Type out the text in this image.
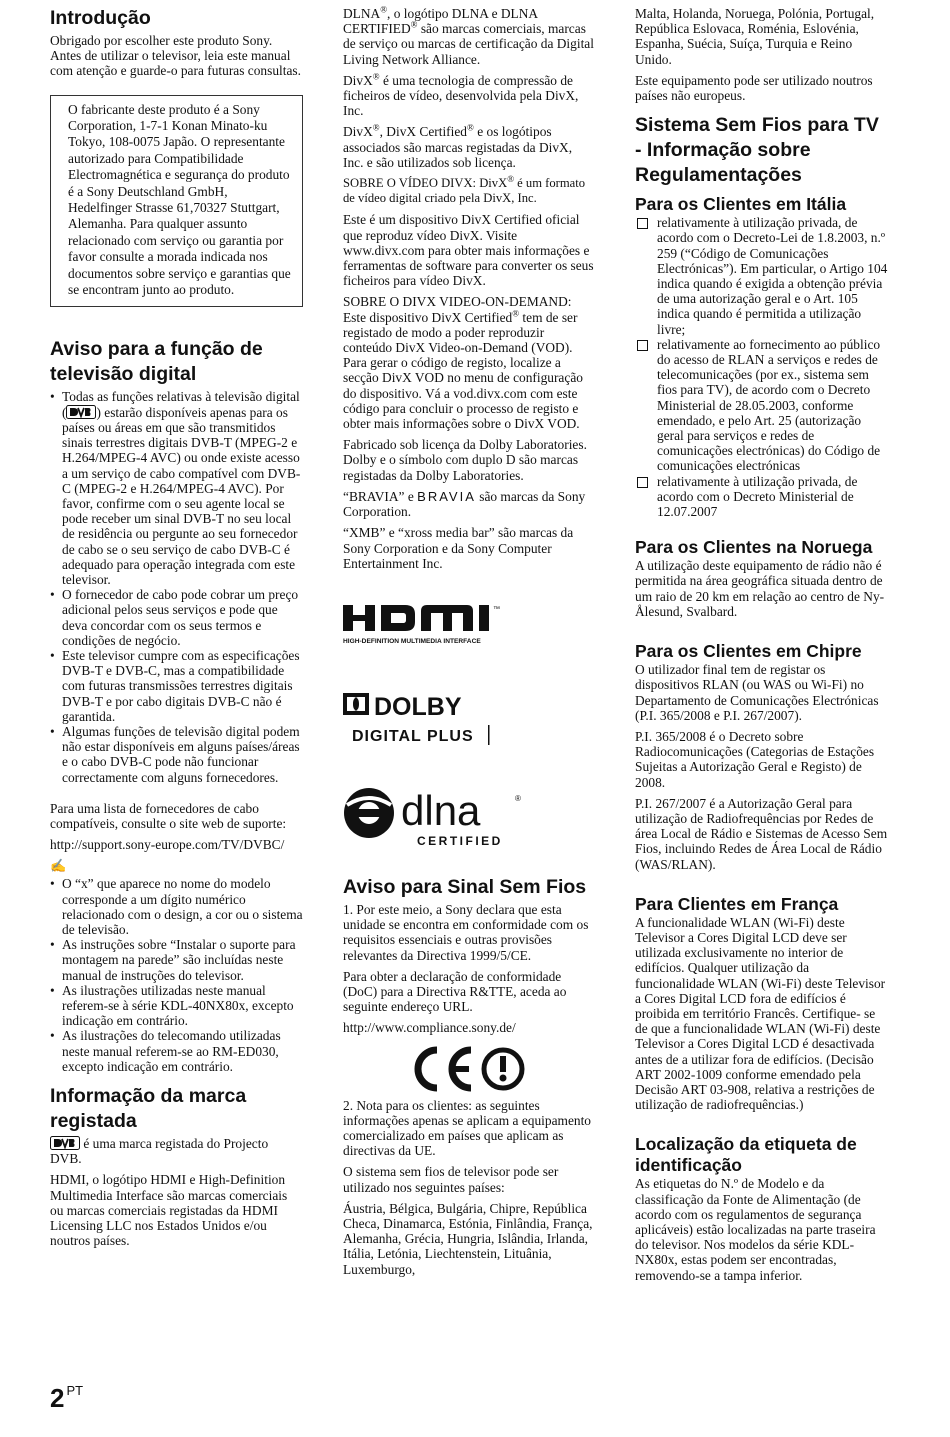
Introdução

Obrigado por escolher este produto Sony. Antes de utilizar o televisor, leia este manual com atenção e guarde-o para futuras consultas.

O fabricante deste produto é a Sony Corporation, 1-7-1 Konan Minato-ku Tokyo, 108-0075 Japão. O representante autorizado para Compatibilidade Electromagnética e segurança do produto é a Sony Deutschland GmbH, Hedelfinger Strasse 61,70327 Stuttgart, Alemanha. Para qualquer assunto relacionado com serviço ou garantia por favor consulte a morada indicada nos documentos sobre serviço e garantias que se encontram junto ao produto.

Aviso para a função de televisão digital
• Todas as funções relativas à televisão digital ( ) estarão disponíveis apenas para os países ou áreas em que são transmitidos sinais terrestres digitais DVB-T (MPEG-2 e H.264/MPEG-4 AVC) ou onde existe acesso a um serviço de cabo compatível com DVB-C (MPEG-2 e H.264/MPEG-4 AVC). Por favor, confirme com o seu agente local se pode receber um sinal DVB-T no seu local de residência ou pergunte ao seu fornecedor de cabo se o seu serviço de cabo DVB-C é adequado para operação integrada com este televisor.
• O fornecedor de cabo pode cobrar um preço adicional pelos seus serviços e pode que deva concordar com os seus termos e condições de negócio.
• Este televisor cumpre com as especificações DVB-T e DVB-C, mas a compatibilidade com futuras transmissões terrestres digitais DVB-T e por cabo digitais DVB-C não é garantida.
• Algumas funções de televisão digital podem não estar disponíveis em alguns países/áreas e o cabo DVB-C pode não funcionar correctamente com alguns fornecedores.

Para uma lista de fornecedores de cabo compatíveis, consulte o site web de suporte:

http://support.sony-europe.com/TV/DVBC/

✍
• O “x” que aparece no nome do modelo corresponde a um dígito numérico relacionado com o design, a cor ou o sistema de televisão.
• As instruções sobre “Instalar o suporte para montagem na parede” são incluídas neste manual de instruções do televisor.
• As ilustrações utilizadas neste manual referem-se à série KDL-40NX80x, excepto indicação em contrário.
• As ilustrações do telecomando utilizadas neste manual referem-se ao RM-ED030, excepto indicação em contrário.
Informação da marca registada

é uma marca registada do Projecto DVB.

HDMI, o logótipo HDMI e High-Definition Multimedia Interface são marcas comerciais ou marcas comerciais registadas da HDMI Licensing LLC nos Estados Unidos e/ou noutros países.

DLNA®, o logótipo DLNA e DLNA CERTIFIED® são marcas comerciais, marcas de serviço ou marcas de certificação da Digital Living Network Alliance.

DivX® é uma tecnologia de compressão de ficheiros de vídeo, desenvolvida pela DivX, Inc.

DivX®, DivX Certified® e os logótipos associados são marcas registadas da DivX, Inc. e são utilizados sob licença.

SOBRE O VÍDEO DIVX: DivX® é um formato de vídeo digital criado pela DivX, Inc.

Este é um dispositivo DivX Certified oficial que reproduz vídeo DivX. Visite www.divx.com para obter mais informações e ferramentas de software para converter os seus ficheiros para vídeo DivX.

SOBRE O DIVX VIDEO-ON-DEMAND: Este dispositivo DivX Certified® tem de ser registado de modo a poder reproduzir conteúdo DivX Video-on-Demand (VOD). Para gerar o código de registo, localize a secção DivX VOD no menu de configuração do dispositivo. Vá a vod.divx.com com este código para concluir o processo de registo e obter mais informações sobre o DivX VOD.

Fabricado sob licença da Dolby Laboratories. Dolby e o símbolo com duplo D são marcas registadas da Dolby Laboratories.

“BRAVIA” e BRAVIA são marcas da Sony Corporation.

“XMB” e “xross media bar” são marcas da Sony Corporation e da Sony Computer Entertainment Inc.

™
HIGH-DEFINITION MULTIMEDIA INTERFACE
DOLBY
DIGITAL PLUS
dlna	®
CERTIFIED
Aviso para Sinal Sem Fios

1. Por este meio, a Sony declara que esta unidade se encontra em conformidade com os requisitos essenciais e outras provisões relevantes da Directiva 1999/5/CE.

Para obter a declaração de conformidade (DoC) para a Directiva R&TTE, aceda ao seguinte endereço URL.

http://www.compliance.sony.de/

2. Nota para os clientes: as seguintes informações apenas se aplicam a equipamento comercializado em países que aplicam as directivas da UE.

O sistema sem fios de televisor pode ser utilizado nos seguintes países:

Áustria, Bélgica, Bulgária, Chipre, República Checa, Dinamarca, Estónia, Finlândia, França, Alemanha, Grécia, Hungria, Islândia, Irlanda, Itália, Letónia, Liechtenstein, Lituânia, Luxemburgo,

Malta, Holanda, Noruega, Polónia, Portugal, República Eslovaca, Roménia, Eslovénia, Espanha, Suécia, Suíça, Turquia e Reino Unido.

Este equipamento pode ser utilizado noutros países não europeus.

Sistema Sem Fios para TV - Informação sobre Regulamentações
Para os Clientes em Itália
relativamente à utilização privada, de acordo com o Decreto-Lei de 1.8.2003, n.º 259 (“Código de Comunicações Electrónicas”). Em particular, o Artigo 104 indica quando é exigida a obtenção prévia de uma autorização geral e o Art. 105 indica quando é permitida a utilização livre;
relativamente ao fornecimento ao público do acesso de RLAN a serviços e redes de telecomunicações (por ex., sistema sem fios para TV), de acordo com o Decreto Ministerial de 28.05.2003, conforme emendado, e pelo Art. 25 (autorização geral para serviços e redes de comunicações electrónicas) do Código de comunicações electrónicas
relativamente à utilização privada, de acordo com o Decreto Ministerial de 12.07.2007
Para os Clientes na Noruega

A utilização deste equipamento de rádio não é permitida na área geográfica situada dentro de um raio de 20 km em relação ao centro de Ny-Ålesund, Svalbard.

Para os Clientes em Chipre

O utilizador final tem de registar os dispositivos RLAN (ou WAS ou Wi-Fi) no Departamento de Comunicações Electrónicas (P.I. 365/2008 e P.I. 267/2007).

P.I. 365/2008 é o Decreto sobre Radiocomunicações (Categorias de Estações Sujeitas a Autorização Geral e Registo) de 2008.

P.I. 267/2007 é a Autorização Geral para utilização de Radiofrequências por Redes de área Local de Rádio e Sistemas de Acesso Sem Fios, incluindo Redes de Área Local de Rádio (WAS/RLAN).

Para Clientes em França

A funcionalidade WLAN (Wi-Fi) deste Televisor a Cores Digital LCD deve ser utilizada exclusivamente no interior de edifícios. Qualquer utilização da funcionalidade WLAN (Wi-Fi) deste Televisor a Cores Digital LCD fora de edifícios é proibida em território Francês. Certifique- se de que a funcionalidade WLAN (Wi-Fi) deste Televisor a Cores Digital LCD é desactivada antes de a utilizar fora de edifícios. (Decisão ART 2002-1009 conforme emendado pela Decisão ART 03-908, relativa a restrições de utilização de radiofrequências.)

Localização da etiqueta de identificação

As etiquetas do N.º de Modelo e da classificação da Fonte de Alimentação (de acordo com os regulamentos de segurança aplicáveis) estão localizadas na parte traseira do televisor. Nos modelos da série KDL-NX80x, estas podem ser encontradas, removendo-se a tampa inferior.

2 $^{PT}$
